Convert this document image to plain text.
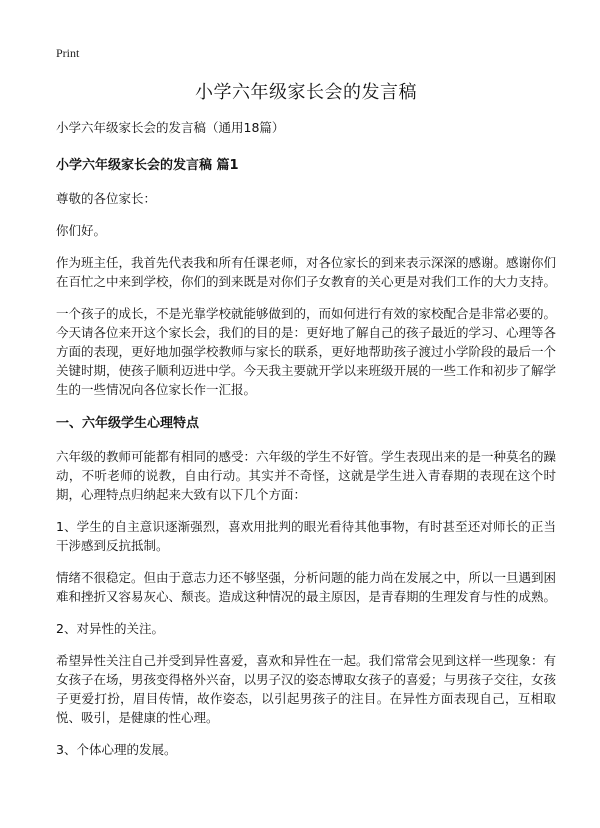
Print
小学六年级家长会的发言稿
小学六年级家长会的发言稿（通用18篇）
小学六年级家长会的发言稿 篇1

尊敬的各位家长：

你们好。

作为班主任，我首先代表我和所有任课老师，对各位家长的到来表示深深的感谢。感谢你们在百忙之中来到学校，你们的到来既是对你们子女教育的关心更是对我们工作的大力支持。

一个孩子的成长，不是光靠学校就能够做到的，而如何进行有效的家校配合是非常必要的。今天请各位来开这个家长会，我们的目的是：更好地了解自己的孩子最近的学习、心理等各方面的表现，更好地加强学校教师与家长的联系，更好地帮助孩子渡过小学阶段的最后一个关键时期，使孩子顺利迈进中学。今天我主要就开学以来班级开展的一些工作和初步了解学生的一些情况向各位家长作一汇报。

一、六年级学生心理特点

六年级的教师可能都有相同的感受：六年级的学生不好管。学生表现出来的是一种莫名的躁动，不听老师的说教，自由行动。其实并不奇怪，这就是学生进入青春期的表现在这个时期，心理特点归纳起来大致有以下几个方面：

1、学生的自主意识逐渐强烈，喜欢用批判的眼光看待其他事物，有时甚至还对师长的正当干涉感到反抗抵制。

情绪不很稳定。但由于意志力还不够坚强，分析问题的能力尚在发展之中，所以一旦遇到困难和挫折又容易灰心、颓丧。造成这种情况的最主原因，是青春期的生理发育与性的成熟。

2、对异性的关注。

希望异性关注自己并受到异性喜爱，喜欢和异性在一起。我们常常会见到这样一些现象：有女孩子在场，男孩变得格外兴奋，以男子汉的姿态博取女孩子的喜爱；与男孩子交往，女孩子更爱打扮，眉目传情，故作姿态，以引起男孩子的注目。在异性方面表现自己，互相取悦、吸引，是健康的性心理。

3、个体心理的发展。
